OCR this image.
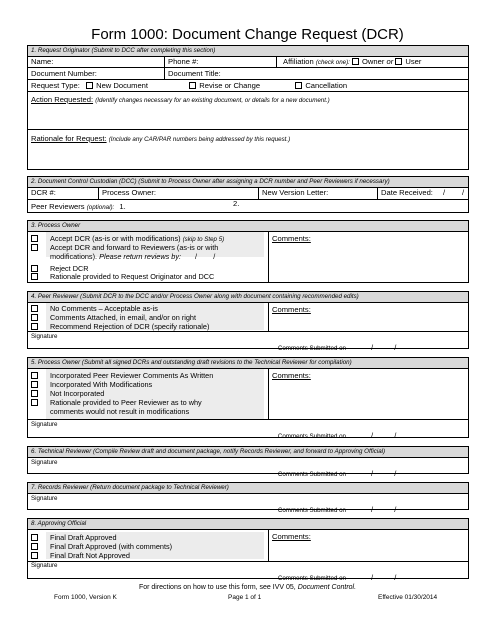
Form 1000: Document Change Request (DCR)
1. Request Originator (Submit to DCC after completing this section)
Name:	Phone #:	Affiliation (check one): Owner or User
Document Number:	Document Title:
Request Type: New Document	Revise or Change	Cancellation
Action Requested: (Identify changes necessary for an existing document, or details for a new document.)
Rationale for Request: (Include any CAR/PAR numbers being addressed by this request.)
2. Document Control Custodian (DCC) (Submit to Process Owner after assigning a DCR number and Peer Reviewers if necessary)
DCR #:	Process Owner:	New Version Letter:	Date Received: /        /
Peer Reviewers (optional): 1.	2.
3. Process Owner
Accept DCR (as-is or with modifications) (skip to Step 5)
Accept DCR and forward to Reviewers (as-is or with
modifications). Please return reviews by: /        /
Reject DCR
Rationale provided to Request Originator and DCC
Comments:
4. Peer Reviewer (Submit DCR to the DCC and/or Process Owner along with document containing recommended edits)
No Comments – Acceptable as-is
Comments Attached, in email, and/or on right
Recommend Rejection of DCR (specify rationale)
Comments:
Signature

Comments Submitted on	/          /

5. Process Owner (Submit all signed DCRs and outstanding draft revisions to the Technical Reviewer for compilation)
Incorporated Peer Reviewer Comments As Written
Incorporated With Modifications
Not Incorporated
Rationale provided to Peer Reviewer as to why
comments would not result in modifications
Comments:
Signature

Comments Submitted on	/          /

6. Technical Reviewer (Compile Review draft and document package, notify Records Reviewer, and forward to Approving Official)
Signature

Comments Submitted on	/          /

7. Records Reviewer (Return document package to Technical Reviewer)
Signature

Comments Submitted on	/          /

8. Approving Official
Final Draft Approved
Final Draft Approved (with comments)
Final Draft Not Approved
Comments:
Signature

Comments Submitted on	/          /

For directions on how to use this form, see IVV 05, Document Control.
Form 1000, Version K	Page 1 of 1	Effective 01/30/2014
